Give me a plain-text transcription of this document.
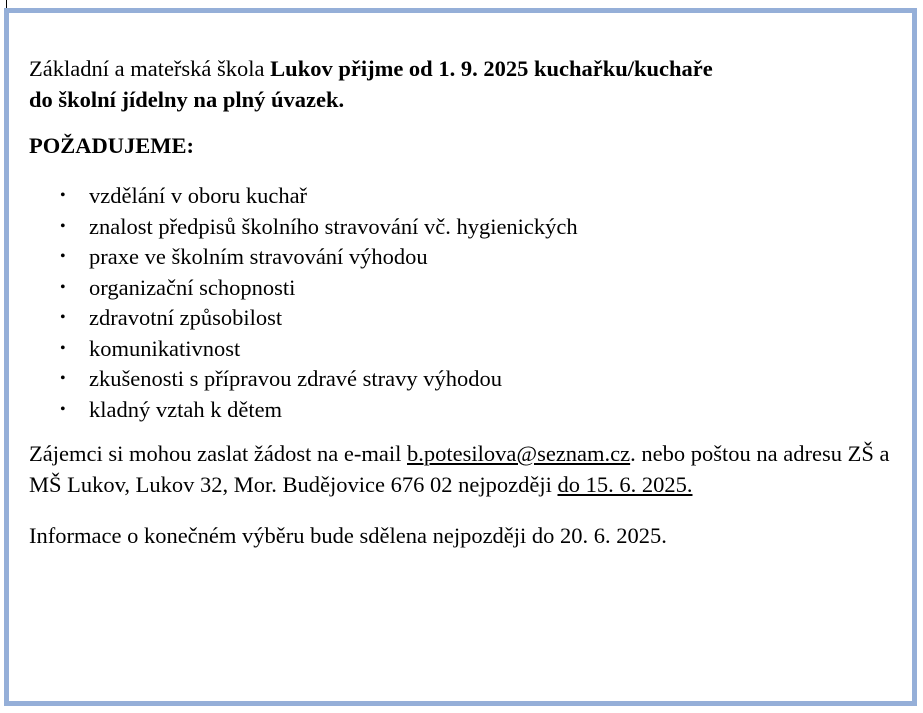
Základní a mateřská škola Lukov přijme od 1. 9. 2025 kuchařku/kuchaře
do školní jídelny na plný úvazek.

POŽADUJEME:

• vzdělání v oboru kuchař
• znalost předpisů školního stravování vč. hygienických
• praxe ve školním stravování výhodou
• organizační schopnosti
• zdravotní způsobilost
• komunikativnost
• zkušenosti s přípravou zdravé stravy výhodou
• kladný vztah k dětem

Zájemci si mohou zaslat žádost na e-mail b.potesilova@seznam.cz. nebo poštou na adresu ZŠ a MŠ Lukov, Lukov 32, Mor. Budějovice 676 02 nejpozději do 15. 6. 2025.

Informace o konečném výběru bude sdělena nejpozději do 20. 6. 2025.
